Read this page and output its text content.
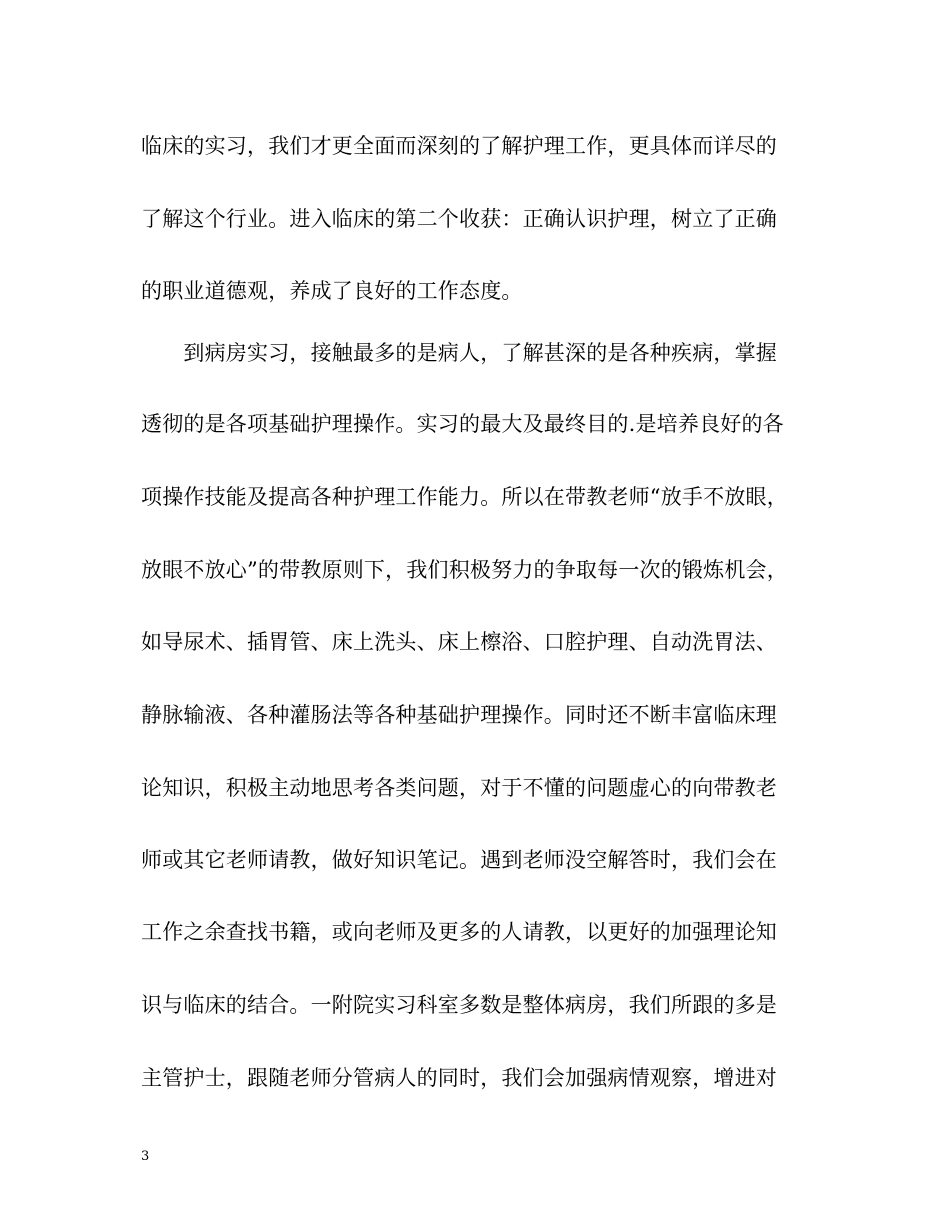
临床的实习，我们才更全面而深刻的了解护理工作，更具体而详尽的
了解这个行业。进入临床的第二个收获：正确认识护理，树立了正确
的职业道德观，养成了良好的工作态度。
　　到病房实习，接触最多的是病人，了解甚深的是各种疾病，掌握
透彻的是各项基础护理操作。实习的最大及最终目的.是培养良好的各
项操作技能及提高各种护理工作能力。所以在带教老师“放手不放眼，
放眼不放心”的带教原则下，我们积极努力的争取每一次的锻炼机会，
如导尿术、插胃管、床上洗头、床上檫浴、口腔护理、自动洗胃法、
静脉输液、各种灌肠法等各种基础护理操作。同时还不断丰富临床理
论知识，积极主动地思考各类问题，对于不懂的问题虚心的向带教老
师或其它老师请教，做好知识笔记。遇到老师没空解答时，我们会在
工作之余查找书籍，或向老师及更多的人请教，以更好的加强理论知
识与临床的结合。一附院实习科室多数是整体病房，我们所跟的多是
主管护士，跟随老师分管病人的同时，我们会加强病情观察，增进对
3
